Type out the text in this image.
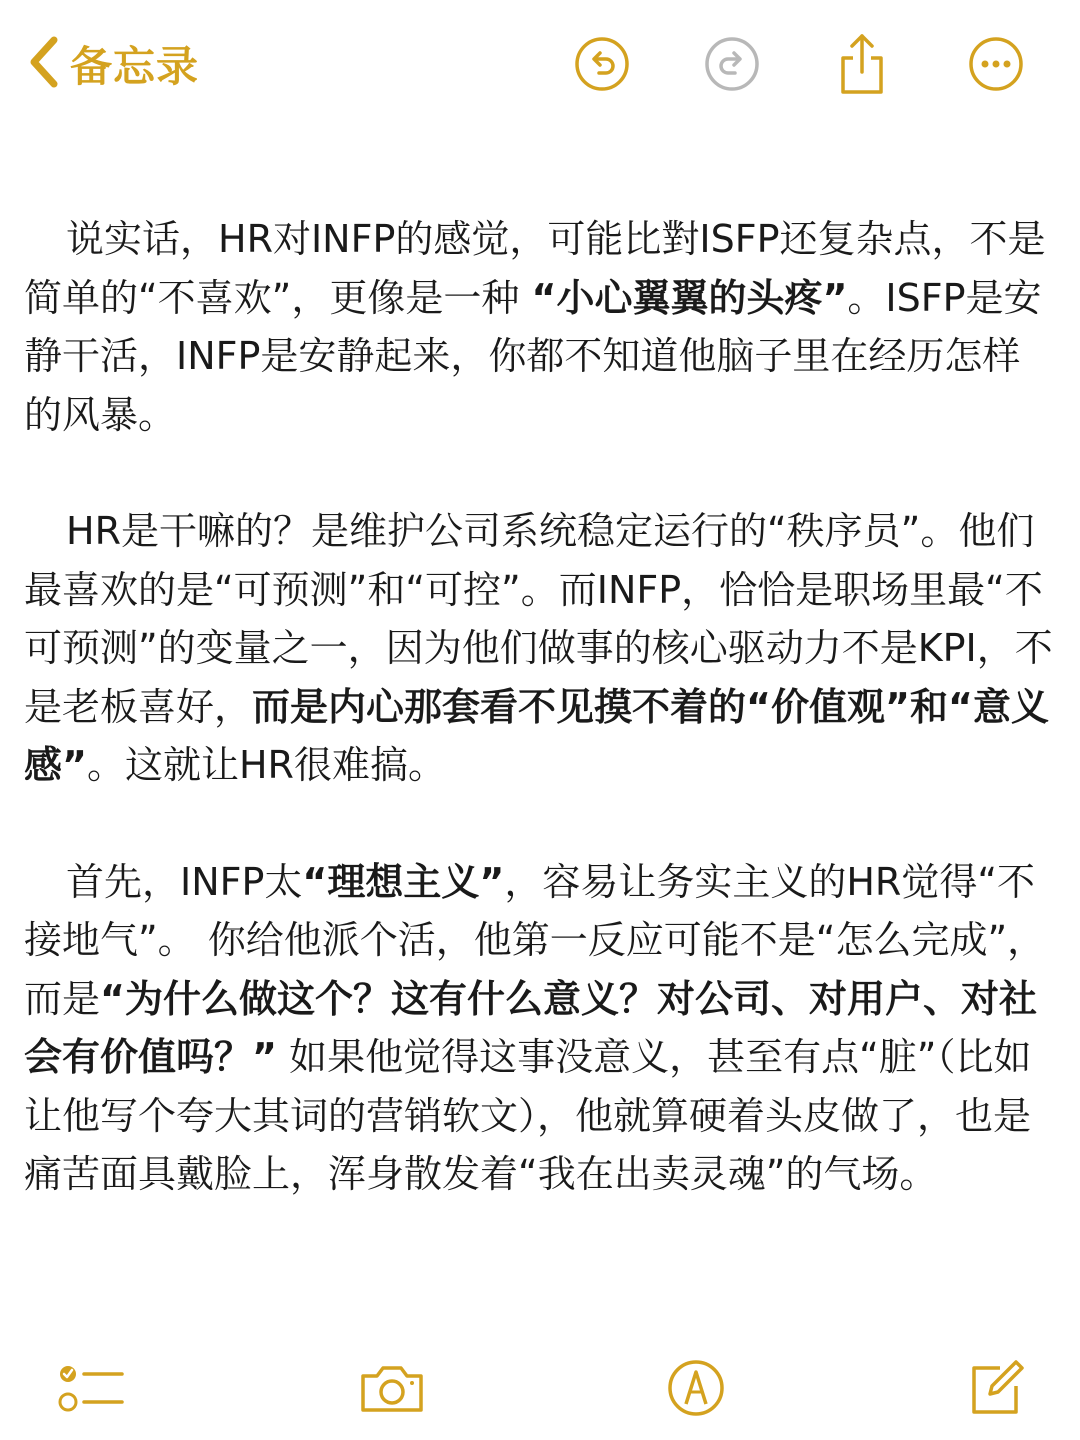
备忘录

说实话，HR对INFP的感觉，可能比對ISFP还复杂点，不是简单的“不喜欢”，更像是一种 “小心翼翼的头疼”。ISFP是安静干活，INFP是安静起来，你都不知道他脑子里在经历怎样的风暴。

HR是干嘛的？是维护公司系统稳定运行的“秩序员”。他们最喜欢的是“可预测”和“可控”。而INFP，恰恰是职场里最“不可预测”的变量之一，因为他们做事的核心驱动力不是KPI，不是老板喜好，而是内心那套看不见摸不着的“价值观”和“意义感”。这就让HR很难搞。

首先，INFP太“理想主义”，容易让务实主义的HR觉得“不接地气”。 你给他派个活，他第一反应可能不是“怎么完成”，而是“为什么做这个？这有什么意义？对公司、对用户、对社会有价值吗？” 如果他觉得这事没意义，甚至有点“脏”（比如让他写个夸大其词的营销软文），他就算硬着头皮做了，也是痛苦面具戴脸上，浑身散发着“我在出卖灵魂”的气场。
